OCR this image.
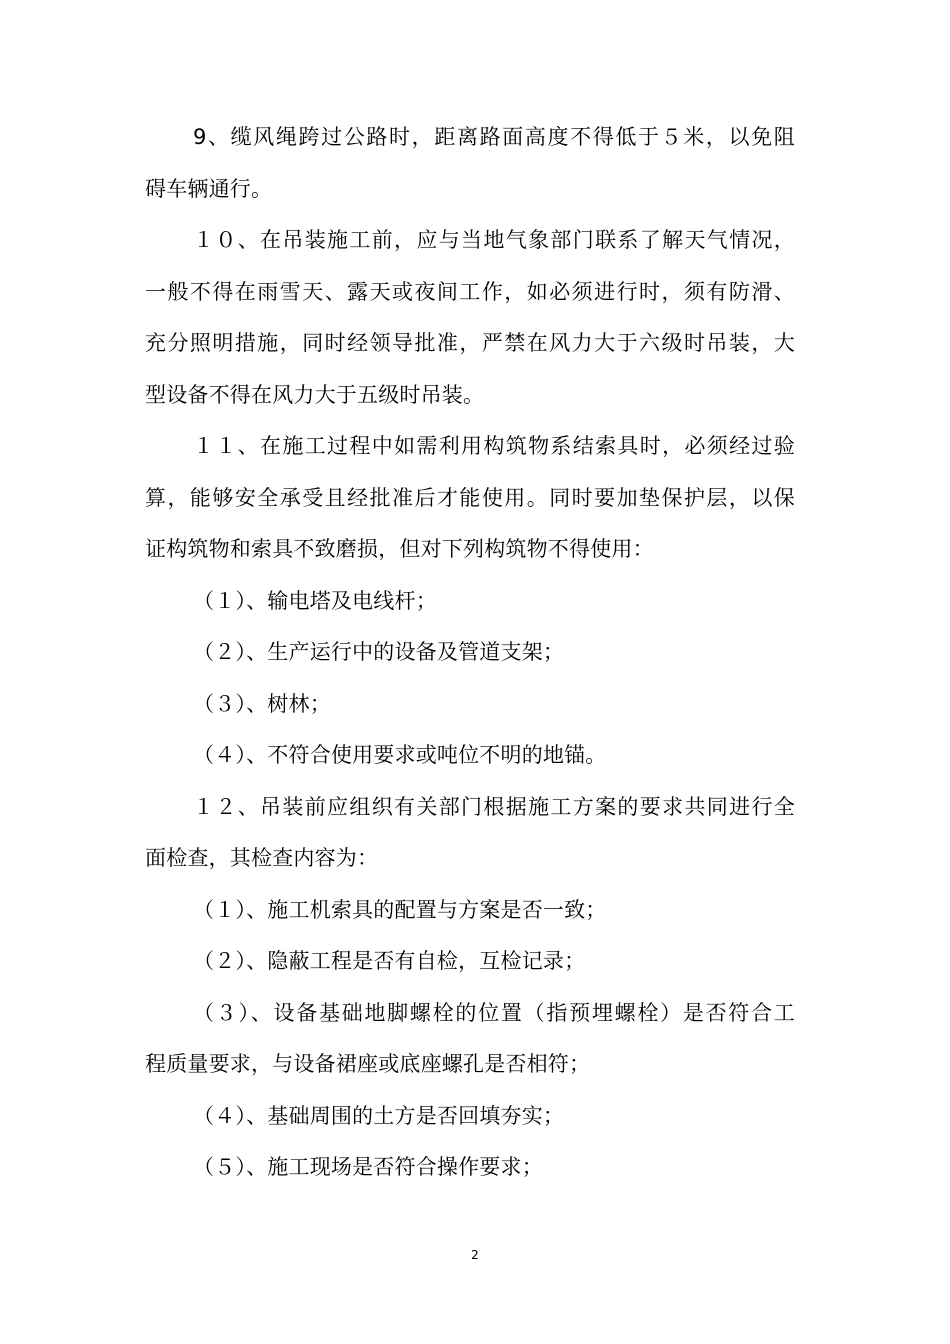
9、缆风绳跨过公路时，距离路面高度不得低于５米，以免阻
碍车辆通行。
１０、在吊装施工前，应与当地气象部门联系了解天气情况，
一般不得在雨雪天、露天或夜间工作，如必须进行时，须有防滑、
充分照明措施，同时经领导批准，严禁在风力大于六级时吊装，大
型设备不得在风力大于五级时吊装。
１１、在施工过程中如需利用构筑物系结索具时，必须经过验
算，能够安全承受且经批准后才能使用。同时要加垫保护层，以保
证构筑物和索具不致磨损，但对下列构筑物不得使用：
（１）、输电塔及电线杆；
（２）、生产运行中的设备及管道支架；
（３）、树林；
（４）、不符合使用要求或吨位不明的地锚。
１２、吊装前应组织有关部门根据施工方案的要求共同进行全
面检查，其检查内容为：
（１）、施工机索具的配置与方案是否一致；
（２）、隐蔽工程是否有自检，互检记录；
（３）、设备基础地脚螺栓的位置（指预埋螺栓）是否符合工
程质量要求，与设备裙座或底座螺孔是否相符；
（４）、基础周围的土方是否回填夯实；
（５）、施工现场是否符合操作要求；
2
